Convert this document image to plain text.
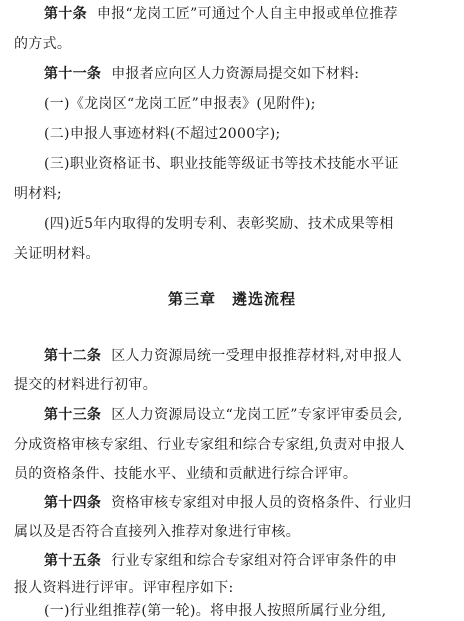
第十条 申报“龙岗工匠”可通过个人自主申报或单位推荐
的方式。
第十一条 申报者应向区人力资源局提交如下材料:
(一)《龙岗区“龙岗工匠”申报表》(见附件);
(二)申报人事迹材料(不超过2000字);
(三)职业资格证书、职业技能等级证书等技术技能水平证
明材料;
(四)近5年内取得的发明专利、表彰奖励、技术成果等相
关证明材料。
第三章　遴选流程
第十二条 区人力资源局统一受理申报推荐材料,对申报人
提交的材料进行初审。
第十三条 区人力资源局设立“龙岗工匠”专家评审委员会,
分成资格审核专家组、行业专家组和综合专家组,负责对申报人
员的资格条件、技能水平、业绩和贡献进行综合评审。
第十四条 资格审核专家组对申报人员的资格条件、行业归
属以及是否符合直接列入推荐对象进行审核。
第十五条 行业专家组和综合专家组对符合评审条件的申
报人资料进行评审。评审程序如下:
(一)行业组推荐(第一轮)。将申报人按照所属行业分组,
